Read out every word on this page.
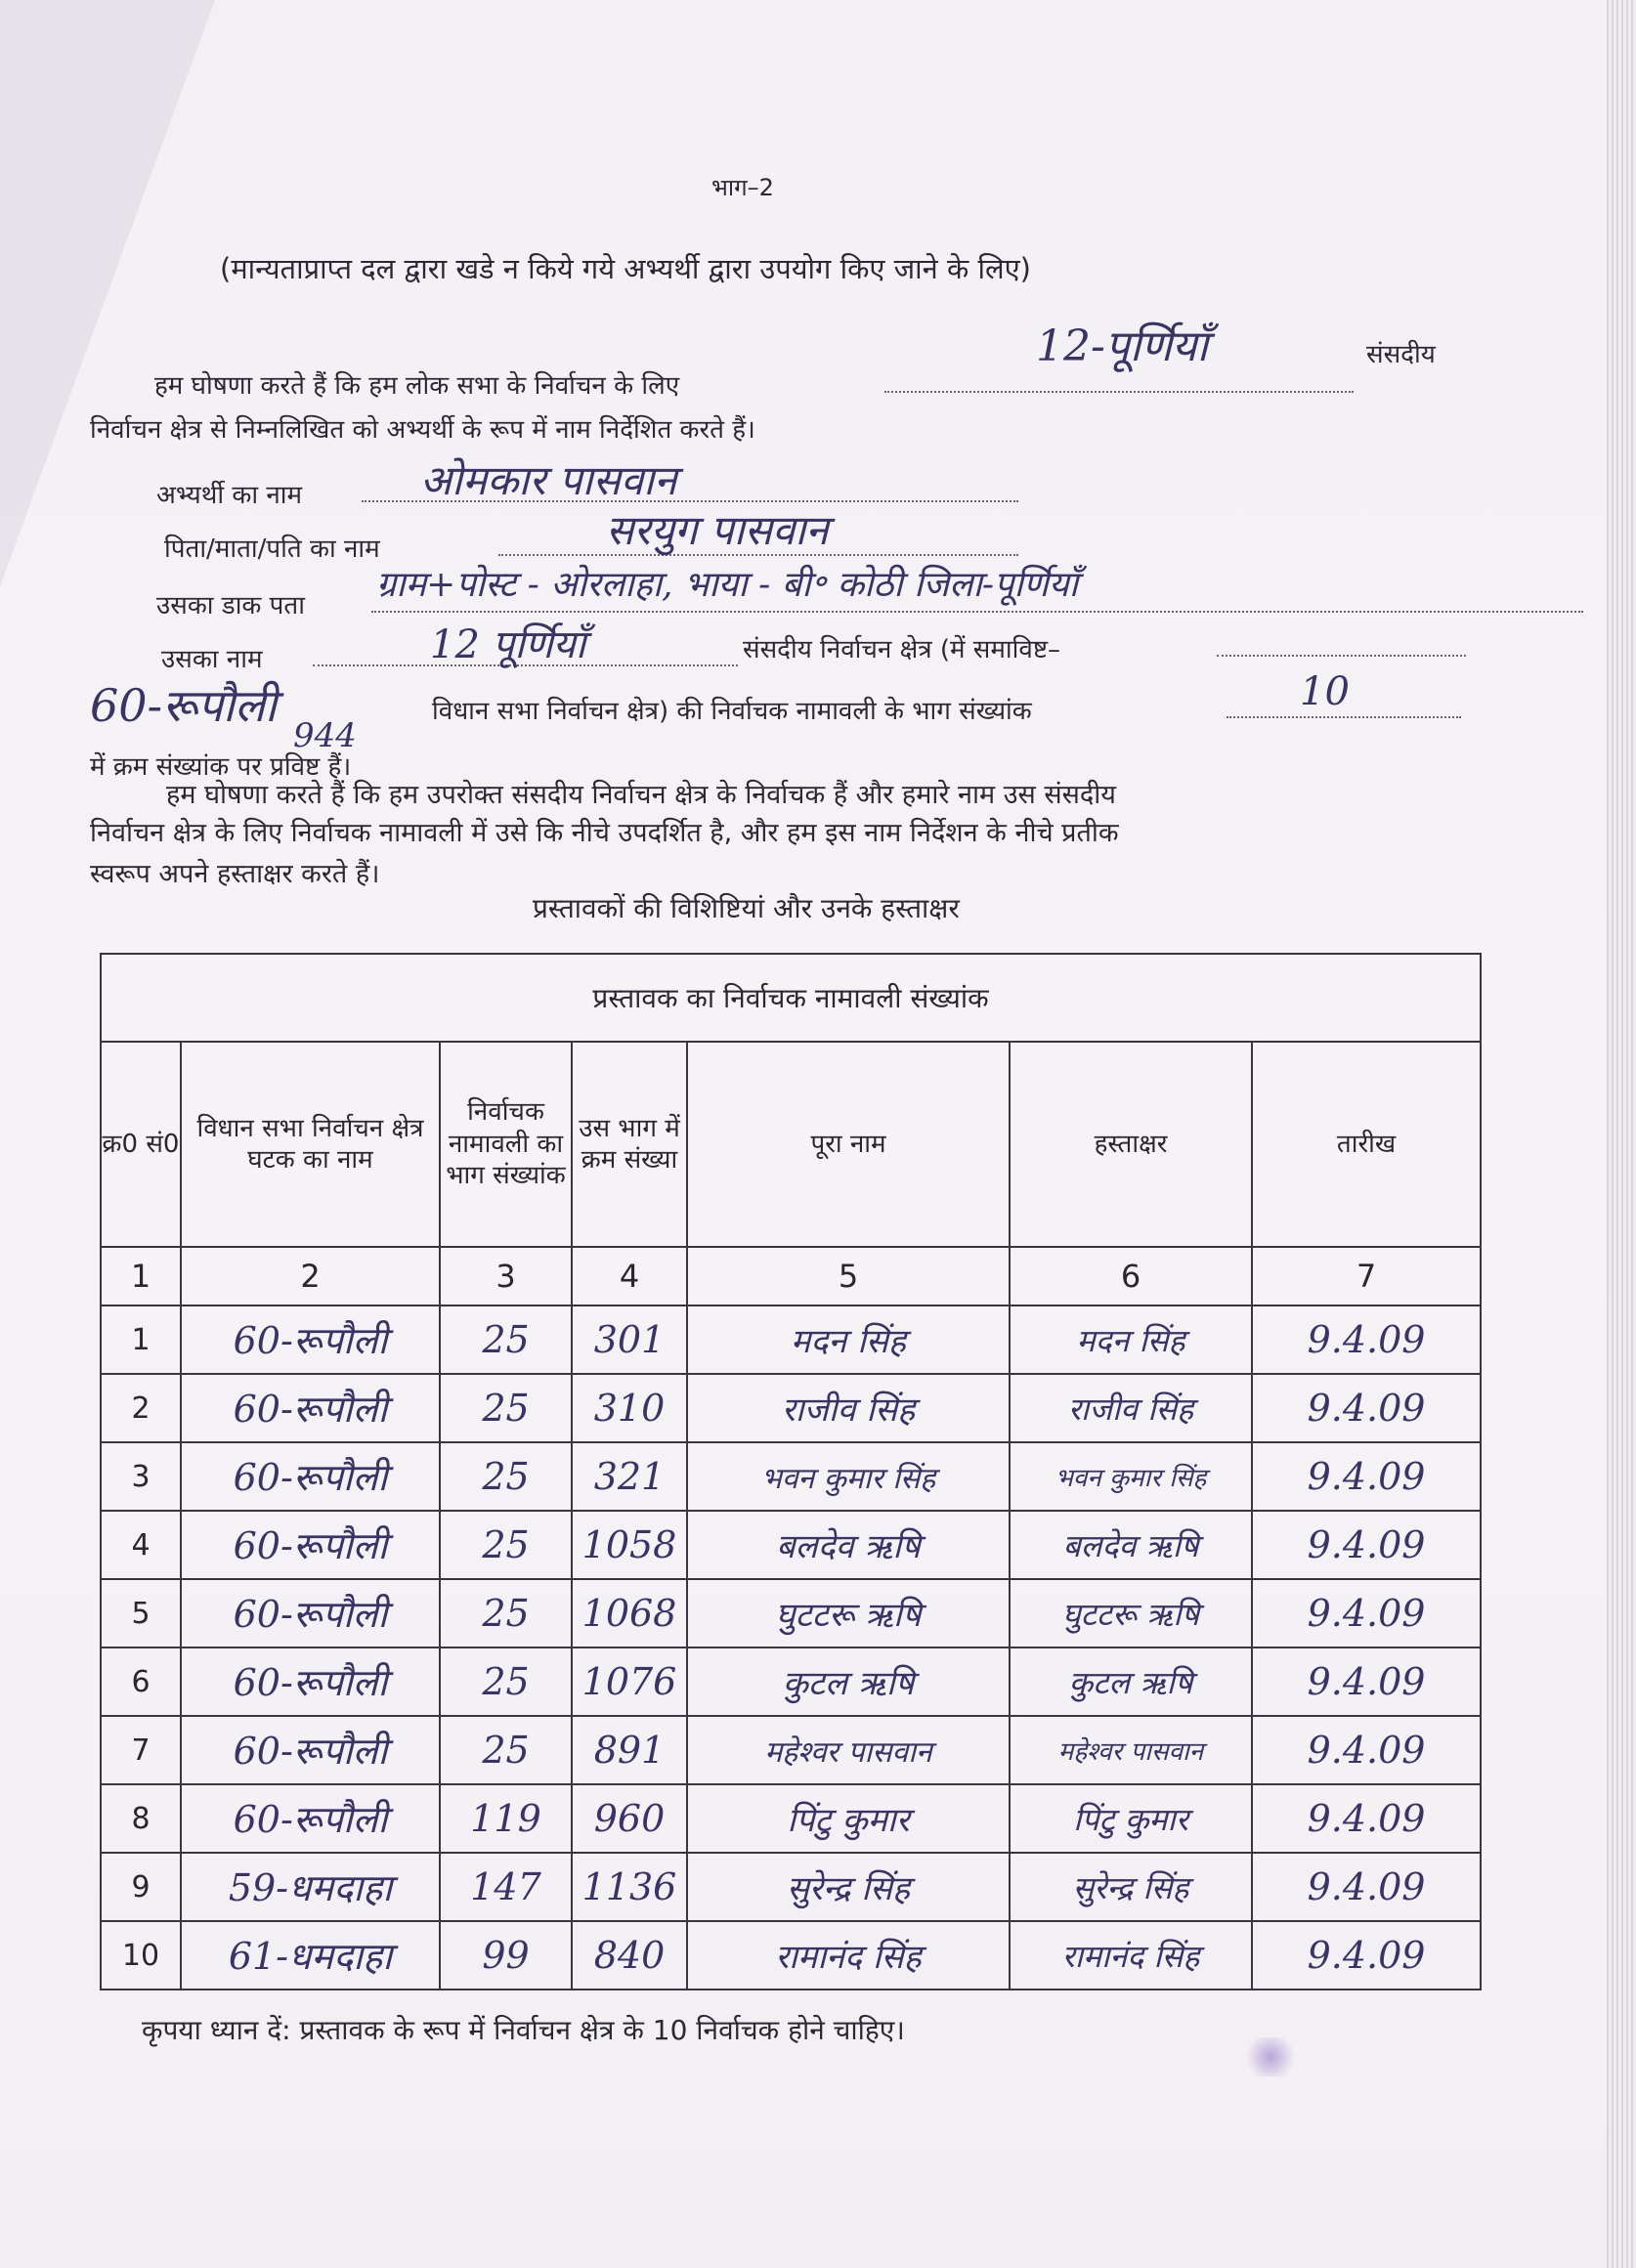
भाग–2
(मान्यताप्राप्त दल द्वारा खडे न किये गये अभ्यर्थी द्वारा उपयोग किए जाने के लिए)
हम घोषणा करते हैं कि हम लोक सभा के निर्वाचन के लिए
12-पूर्णियाँ	संसदीय
निर्वाचन क्षेत्र से निम्नलिखित को अभ्यर्थी के रूप में नाम निर्देशित करते हैं।
अभ्यर्थी का नाम	ओमकार पासवान
पिता/माता/पति का नाम	सरयुग पासवान
उसका डाक पता
ग्राम+पोस्ट - ओरलाहा, भाया - बी॰ कोठी जिला-पूर्णियाँ
उसका नाम	12 पूर्णियाँ	संसदीय निर्वाचन क्षेत्र (में समाविष्ट–
60-रूपौली	विधान सभा निर्वाचन क्षेत्र) की निर्वाचक नामावली के भाग संख्यांक	10
944
में क्रम संख्यांक पर प्रविष्ट हैं।
हम घोषणा करते हैं कि हम उपरोक्त संसदीय निर्वाचन क्षेत्र के निर्वाचक हैं और हमारे नाम उस संसदीय
निर्वाचन क्षेत्र के लिए निर्वाचक नामावली में उसे कि नीचे उपदर्शित है, और हम इस नाम निर्देशन के नीचे प्रतीक
स्वरूप अपने हस्ताक्षर करते हैं।
प्रस्तावकों की विशिष्टियां और उनके हस्ताक्षर
प्रस्तावक का निर्वाचक नामावली संख्यांक						
क्र0 सं0	विधान सभा निर्वाचन क्षेत्र घटक का नाम	निर्वाचक नामावली का भाग संख्यांक	उस भाग में क्रम संख्या	पूरा नाम	हस्ताक्षर	तारीख
1	2	3	4	5	6	7
1	60-रूपौली	25	301	मदन सिंह	मदन सिंह	9.4.09
2	60-रूपौली	25	310	राजीव सिंह	राजीव सिंह	9.4.09
3	60-रूपौली	25	321	भवन कुमार सिंह	भवन कुमार सिंह	9.4.09
4	60-रूपौली	25	1058	बलदेव ऋषि	बलदेव ऋषि	9.4.09
5	60-रूपौली	25	1068	घुटटरू ऋषि	घुटटरू ऋषि	9.4.09
6	60-रूपौली	25	1076	कुटल ऋषि	कुटल ऋषि	9.4.09
7	60-रूपौली	25	891	महेश्वर पासवान	महेश्वर पासवान	9.4.09
8	60-रूपौली	119	960	पिंटु कुमार	पिंटु कुमार	9.4.09
9	59-धमदाहा	147	1136	सुरेन्द्र सिंह	सुरेन्द्र सिंह	9.4.09
10	61-धमदाहा	99	840	रामानंद सिंह	रामानंद सिंह	9.4.09
कृपया ध्यान दें: प्रस्तावक के रूप में निर्वाचन क्षेत्र के 10 निर्वाचक होने चाहिए।
